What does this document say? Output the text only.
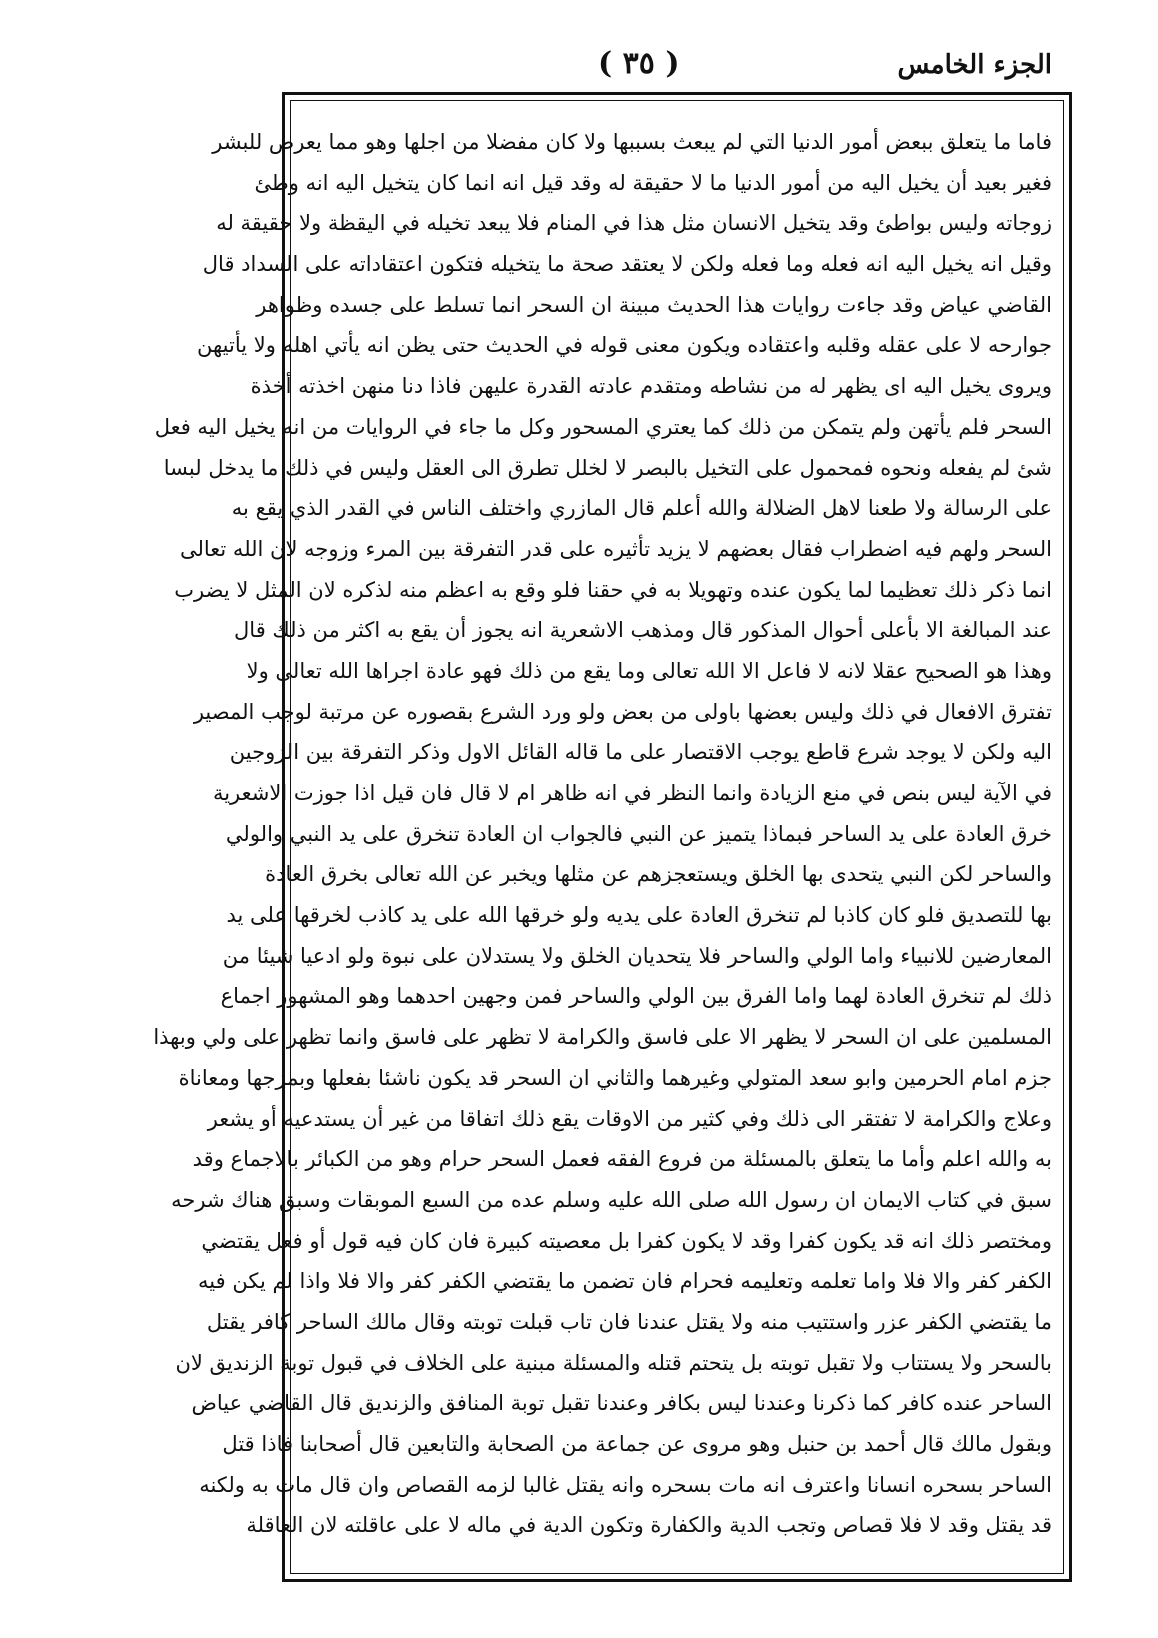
الجزء الخامس
( ٣٥ )
فاما ما يتعلق ببعض أمور الدنيا التي لم يبعث بسببها ولا كان مفضلا من اجلها وهو مما يعرض للبشر
فغير بعيد أن يخيل اليه من أمور الدنيا ما لا حقيقة له وقد قيل انه انما كان يتخيل اليه انه وطئ
زوجاته وليس بواطئ وقد يتخيل الانسان مثل هذا في المنام فلا يبعد تخيله في اليقظة ولا حقيقة له
وقيل انه يخيل اليه انه فعله وما فعله ولكن لا يعتقد صحة ما يتخيله فتكون اعتقاداته على السداد قال
القاضي عياض وقد جاءت روايات هذا الحديث مبينة ان السحر انما تسلط على جسده وظواهر
جوارحه لا على عقله وقلبه واعتقاده ويكون معنى قوله في الحديث حتى يظن انه يأتي اهله ولا يأتيهن
ويروى يخيل اليه اى يظهر له من نشاطه ومتقدم عادته القدرة عليهن فاذا دنا منهن اخذته أخذة
السحر فلم يأتهن ولم يتمكن من ذلك كما يعتري المسحور وكل ما جاء في الروايات من انه يخيل اليه فعل
شئ لم يفعله ونحوه فمحمول على التخيل بالبصر لا لخلل تطرق الى العقل وليس في ذلك ما يدخل لبسا
على الرسالة ولا طعنا لاهل الضلالة والله أعلم قال المازري واختلف الناس في القدر الذي يقع به
السحر ولهم فيه اضطراب فقال بعضهم لا يزيد تأثيره على قدر التفرقة بين المرء وزوجه لان الله تعالى
انما ذكر ذلك تعظيما لما يكون عنده وتهويلا به في حقنا فلو وقع به اعظم منه لذكره لان المثل لا يضرب
عند المبالغة الا بأعلى أحوال المذكور قال ومذهب الاشعرية انه يجوز أن يقع به اكثر من ذلك قال
وهذا هو الصحيح عقلا لانه لا فاعل الا الله تعالى وما يقع من ذلك فهو عادة اجراها الله تعالى ولا
تفترق الافعال في ذلك وليس بعضها باولى من بعض ولو ورد الشرع بقصوره عن مرتبة لوجب المصير
اليه ولكن لا يوجد شرع قاطع يوجب الاقتصار على ما قاله القائل الاول وذكر التفرقة بين الزوجين
في الآية ليس بنص في منع الزيادة وانما النظر في انه ظاهر ام لا قال فان قيل اذا جوزت الاشعرية
خرق العادة على يد الساحر فبماذا يتميز عن النبي فالجواب ان العادة تنخرق على يد النبي والولي
والساحر لكن النبي يتحدى بها الخلق ويستعجزهم عن مثلها ويخبر عن الله تعالى بخرق العادة
بها للتصديق فلو كان كاذبا لم تنخرق العادة على يديه ولو خرقها الله على يد كاذب لخرقها على يد
المعارضين للانبياء واما الولي والساحر فلا يتحديان الخلق ولا يستدلان على نبوة ولو ادعيا شيئا من
ذلك لم تنخرق العادة لهما واما الفرق بين الولي والساحر فمن وجهين احدهما وهو المشهور اجماع
المسلمين على ان السحر لا يظهر الا على فاسق والكرامة لا تظهر على فاسق وانما تظهر على ولي وبهذا
جزم امام الحرمين وابو سعد المتولي وغيرهما والثاني ان السحر قد يكون ناشئا بفعلها وبمزجها ومعاناة
وعلاج والكرامة لا تفتقر الى ذلك وفي كثير من الاوقات يقع ذلك اتفاقا من غير أن يستدعيه أو يشعر
به والله اعلم وأما ما يتعلق بالمسئلة من فروع الفقه فعمل السحر حرام وهو من الكبائر بالاجماع وقد
سبق في كتاب الايمان ان رسول الله صلى الله عليه وسلم عده من السبع الموبقات وسبق هناك شرحه
ومختصر ذلك انه قد يكون كفرا وقد لا يكون كفرا بل معصيته كبيرة فان كان فيه قول أو فعل يقتضي
الكفر كفر والا فلا واما تعلمه وتعليمه فحرام فان تضمن ما يقتضي الكفر كفر والا فلا واذا لم يكن فيه
ما يقتضي الكفر عزر واستتيب منه ولا يقتل عندنا فان تاب قبلت توبته وقال مالك الساحر كافر يقتل
بالسحر ولا يستتاب ولا تقبل توبته بل يتحتم قتله والمسئلة مبنية على الخلاف في قبول توبة الزنديق لان
الساحر عنده كافر كما ذكرنا وعندنا ليس بكافر وعندنا تقبل توبة المنافق والزنديق قال القاضي عياض
وبقول مالك قال أحمد بن حنبل وهو مروى عن جماعة من الصحابة والتابعين قال أصحابنا فاذا قتل
الساحر بسحره انسانا واعترف انه مات بسحره وانه يقتل غالبا لزمه القصاص وان قال مات به ولكنه
قد يقتل وقد لا فلا قصاص وتجب الدية والكفارة وتكون الدية في ماله لا على عاقلته لان العاقلة
